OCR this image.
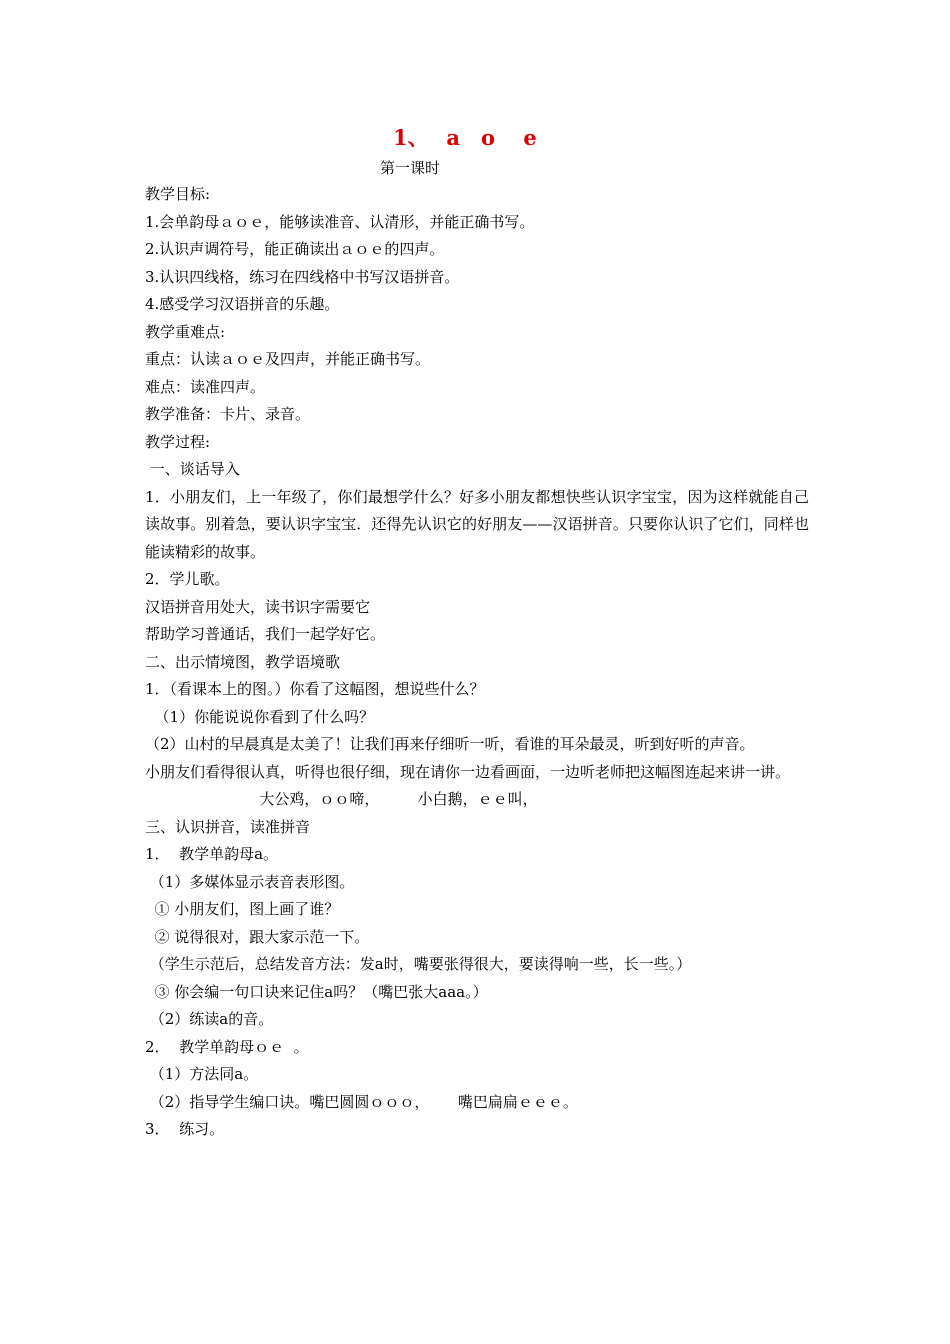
1、　 a　o　 e
第一课时
教学目标:
1.会单韵母ａｏｅ，能够读准音、认清形，并能正确书写。
2.认识声调符号，能正确读出ａｏｅ的四声。
3.认识四线格，练习在四线格中书写汉语拼音。
4.感受学习汉语拼音的乐趣。
教学重难点:
重点：认读ａｏｅ及四声，并能正确书写。
难点：读准四声。
教学准备：卡片、录音。
教学过程:
一、谈话导入
1．小朋友们，上一年级了，你们最想学什么？好多小朋友都想快些认识字宝宝，因为这样就能自己读故事。别着急，要认识字宝宝．还得先认识它的好朋友——汉语拼音。只要你认识了它们，同样也能读精彩的故事。
2．学儿歌。
汉语拼音用处大，读书识字需要它
帮助学习普通话，我们一起学好它。
二、出示情境图，教学语境歌
1．（看课本上的图。）你看了这幅图，想说些什么？
（1）你能说说你看到了什么吗？
（2）山村的早晨真是太美了！让我们再来仔细听一听，看谁的耳朵最灵，听到好听的声音。
小朋友们看得很认真，听得也很仔细，现在请你一边看画面，一边听老师把这幅图连起来讲一讲。
大公鸡，ｏｏ啼，        小白鹅，ｅｅ叫，
三、认识拼音，读准拼音
1．  教学单韵母a。
（1）多媒体显示表音表形图。
① 小朋友们，图上画了谁？
② 说得很对，跟大家示范一下。
（学生示范后，总结发音方法：发a时，嘴要张得很大，要读得响一些，长一些。）
③ 你会编一句口诀来记住a吗？（嘴巴张大aaa。）
（2）练读a的音。
2．  教学单韵母ｏｅ  。
（1）方法同a。
（2）指导学生编口诀。嘴巴圆圆ｏｏｏ，      嘴巴扁扁ｅｅｅ。
3．  练习。
